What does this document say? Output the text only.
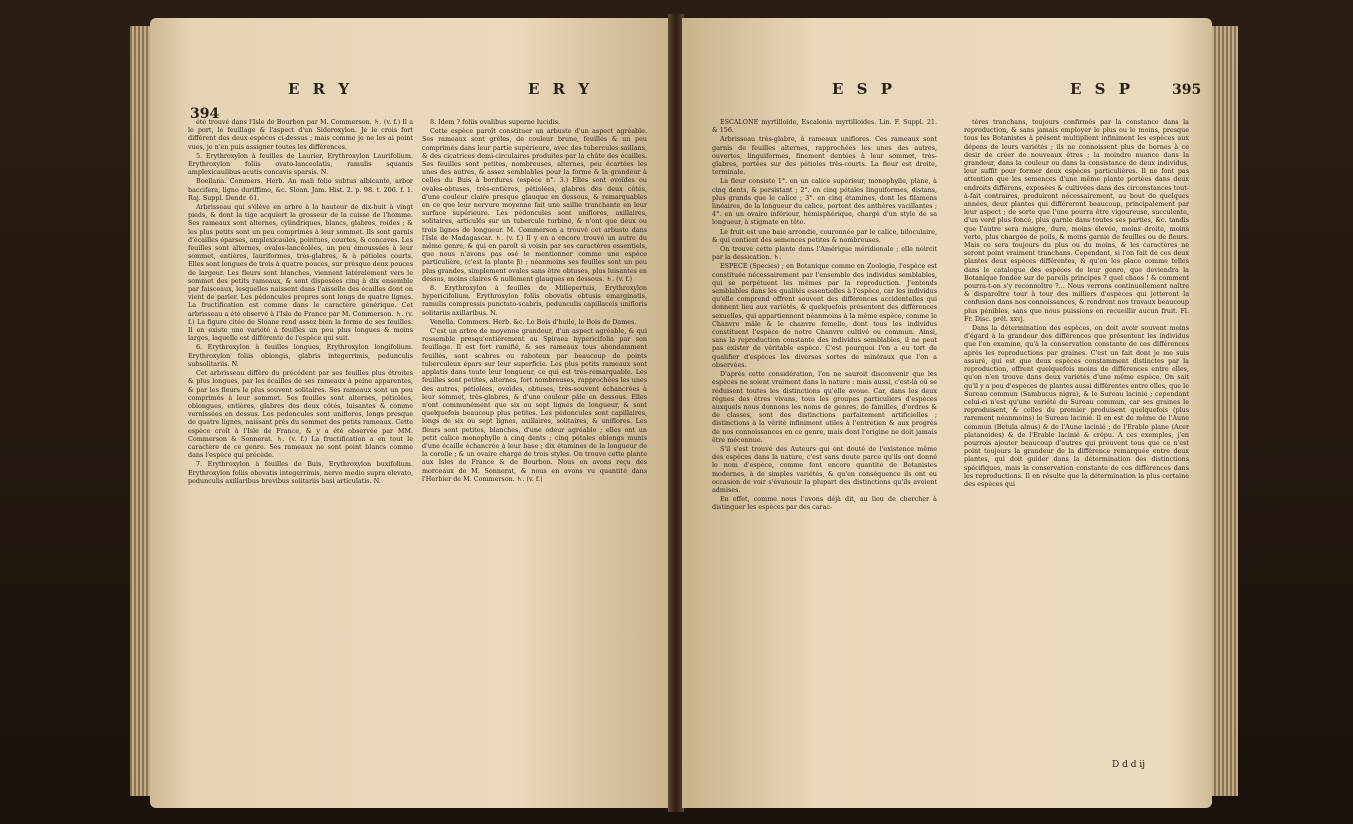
394
E R Y	E R Y

été trouvé dans l'Isle de Bourbon par M. Commerson. ♄. (v. f.) Il a le port, le feuillage & l'aspect d'un Sideroxylon. Je le crois fort différent des deux espèces ci-dessus ; mais comme je ne les ai point vues, je n'en puis assigner toutes les différences.

5. Erythroxylon à feuilles de Laurier, Erythroxylon Laurifolium. Erythroxylon foliis ovato-lanceolatis, ramulis squamis amplexicaulibus acutis concavis sparsis. N.

Boellana. Commers. Herb. An mali folio subtus albicante, arbor baccifera, ligno duriffimo, &c. Sloan. Jam. Hist. 2. p. 98. t. 206. f. 1. Raj. Suppl. Dendr. 61.

Arbrisseau qui s'élève en arbre à la hauteur de dix-huit à vingt pieds, & dont la tige acquiert la grosseur de la cuisse de l'homme. Ses rameaux sont alternes, cylindriques, blancs, glabres, roides ; & les plus petits sont un peu comprimés à leur sommet. Ils sont garnis d'écailles éparses, amplexicaules, pointues, courtes, & concaves. Les feuilles sont alternes, ovales-lancéolées, un peu émoussées à leur sommet, entières, lauriformes, très-glabres, & à pétioles courts. Elles sont longues de trois à quatre pouces, sur presque deux pouces de largeur. Les fleurs sont blanches, viennent latéralement vers le sommet des petits rameaux, & sont disposées cinq à dix ensemble par faisceaux, lesquelles naissent dans l'aisselle des écailles dont on vient de parler. Les pédoncules propres sont longs de quatre lignes. La fructification est comme dans le caractère générique. Cet arbrisseau a été observé à l'Isle de France par M. Commerson. ♄. (v. f.) La figure citée de Sloane rend assez bien la forme de ses feuilles. Il en existe une variété à feuilles un peu plus longues & moins larges, laquelle est différente de l'espèce qui suit.

6. Erythroxylon à feuilles longues, Erythroxylon longifolium. Erythroxylon foliis oblongis, glabris integerrimis, pedunculis subsolitariis. N.

Cet arbrisseau diffère du précédent par ses feuilles plus étroites & plus longues, par les écailles de ses rameaux à peine apparentes, & par les fleurs le plus souvent solitaires. Ses rameaux sont un peu comprimés à leur sommet. Ses feuilles sont alternes, pétiolées, oblongues, entières, glabres des deux côtés, luisantes & comme vernissées en dessus. Les pédoncules sont uniflores, longs presque de quatre lignes, naissant près du sommet des petits rameaux. Cette espèce croît à l'Isle de France, & y a été observée par MM. Commerson & Sonnerat. ♄. (v. f.) La fructification a en tout le caractère de ce genre. Ses rameaux ne sont point blancs comme dans l'espèce qui précède.

7. Erythroxylon à feuilles de Buis, Erythroxylon buxifolium. Erythroxylon foliis obovatis integerrimis, nervo medio supra elevato, pedunculis axillaribus brevibus solitariis basi articulatis. N.

8. Idem ? foliis ovalibus superne lucidis.

Cette espèce paroît constituer un arbuste d'un aspect agréable. Ses rameaux sont grêles, de couleur brune, feuillés & un peu comprimés dans leur partie supérieure, avec des tubercules saillans, & des cicatrices demi-circulaires produites par la chûte des écailles. Ses feuilles sont petites, nombreuses, alternes, peu écartées les unes des autres, & assez semblables pour la forme & la grandeur à celles du Buis à bordures (espèce n°. 3.) Elles sont ovoïdes ou ovales-obtuses, très-entières, pétiolées, glabres des deux côtés, d'une couleur claire presque glauque en dessous, & remarquables en ce que leur nervure moyenne fait une saillie tranchante en leur surface supérieure. Les pédoncules sont uniflores, axillaires, solitaires, articulés sur un tubercule turbiné, & n'ont que deux ou trois lignes de longueur. M. Commerson a trouvé cet arbuste dans l'Isle de Madagascar. ♄. (v. f.) Il y en a encore trouvé un autre du même genre, & qui en paroît si voisin par ses caractères essentiels, que nous n'avons pas osé le mentionner comme une espèce particulière, (c'est la plante β) ; néanmoins ses feuilles sont un peu plus grandes, simplement ovales sans être obtuses, plus luisantes en dessus, moins claires & nullement glauques en dessous. ♄. (v. f.)

8. Erythroxylon à feuilles de Millepertuis, Erythroxylon hypericifolium. Erythroxylon foliis obovatis obtusis emarginatis, ramulis compressis punctato-scabris, pedunculis capillaceis unifloris solitariis axillaribus. N.

Venella. Commers. Herb. &c. Le Bois d'huile, le Bois de Dames.

C'est un arbre de moyenne grandeur, d'un aspect agréable, & qui ressemble presqu'entièrement au Spiraea hypericifolia par son feuillage. Il est fort ramifié, & ses rameaux tous abondamment feuillés, sont scabres ou raboteux par beaucoup de points tuberculeux épars sur leur superficie. Les plus petits rameaux sont applatis dans toute leur longueur, ce qui est très-remarquable. Les feuilles sont petites, alternes, fort nombreuses, rapprochées les unes des autres, pétiolées, ovoïdes, obtuses, très-souvent échancrées à leur sommet, très-glabres, & d'une couleur pâle en dessous. Elles n'ont communément que six ou sept lignes de longueur, & sont quelquefois beaucoup plus petites. Les pédoncules sont capillaires, longs de six ou sept lignes, axillaires, solitaires, & uniflores. Les fleurs sont petites, blanches, d'une odeur agréable ; elles ont un petit calice monophylle à cinq dents ; cinq pétales oblongs munis d'une écaille échancrée à leur base ; dix étamines de la longueur de la corolle ; & un ovaire chargé de trois styles. On trouve cette plante aux Isles de France & de Bourbon. Nous en avons reçu des morceaux de M. Sonnerat, & nous en avons vu quantité dans l'Herbier de M. Commerson. ♄. (v. f.)

E S P	E S P	395

ESCALONE myrtilloïde, Escalonia myrtilloides. Lin. F. Suppl. 21. & 156.

Arbrisseau très-glabre, à rameaux uniflores. Ces rameaux sont garnis de feuilles alternes, rapprochées les unes des autres, ouvertes, linguiformes, finement dentées à leur sommet, très-glabres, portées sur des pétioles très-courts. La fleur est droite, terminale.

La fleur consiste 1°. en un calice supérieur, monophylle, plane, à cinq dents, & persistant ; 2°. en cinq pétales linguiformes, distans, plus grands que le calice ; 3°. en cinq étamines, dont les filamens linéaires, de la longueur du calice, portent des anthères vacillantes ; 4°. en un ovaire inférieur, hémisphérique, chargé d'un style de sa longueur, à stigmate en tête.

Le fruit est une baie arrondie, couronnée par le calice, biloculaire, & qui contient des semences petites & nombreuses.

On trouve cette plante dans l'Amérique méridionale ; elle noircit par la dessication. ♄.

ESPECE (Species) ; en Botanique comme en Zoologie, l'espèce est constituée nécessairement par l'ensemble des individus semblables, qui se perpétuent les mêmes par la reproduction. J'entends semblables dans les qualités essentielles à l'espèce, car les individus qu'elle comprend offrent souvent des différences accidentelles qui donnent lieu aux variétés, & quelquefois présentent des différences sexuelles, qui appartiennent néanmoins à la même espèce, comme le Chanvre mâle & le chanvre femelle, dont tous les individus constituent l'espèce de notre Chanvre cultivé ou commun. Ainsi, sans la reproduction constante des individus semblables, il ne peut pas exister de véritable espèce. C'est pourquoi l'on a eu tort de qualifier d'espèces les diverses sortes de minéraux que l'on a observées.

D'après cette considération, l'on ne sauroit disconvenir que les espèces ne soient vraiment dans la nature : mais aussi, c'est-là où se réduisent toutes les distinctions qu'elle avoue. Car, dans les deux règnes des êtres vivans, tous les groupes particuliers d'espèces auxquels nous donnons les noms de genres, de familles, d'ordres & de classes, sont des distinctions parfaitement artificielles ; distinctions à la vérité infiniment utiles à l'entretien & aux progrès de nos connoissances en ce genre, mais dont l'origine ne doit jamais être méconnue.

S'il s'est trouvé des Auteurs qui ont douté de l'existence même des espèces dans la nature, c'est sans doute parce qu'ils ont donné le nom d'espèce, comme font encore quantité de Botanistes modernes, à de simples variétés, & qu'en conséquence ils ont eu occasion de voir s'évanouir la plupart des distinctions qu'ils avoient admises.

En effet, comme nous l'avons déjà dit, au lieu de chercher à distinguer les espèces par des carac-

tères tranchans, toujours confirmés par la constance dans la reproduction, & sans jamais employer le plus ou le moins, presque tous les Botanistes à présent multiplient infiniment les espèces aux dépens de leurs variétés ; ils ne connoissent plus de bornes à ce desir de créer de nouveaux êtres ; la moindre nuance dans la grandeur, dans la couleur ou dans la consistance de deux individus, leur suffit pour former deux espèces particulières. Il ne font pas attention que les semences d'une même plante portées dans deux endroits différens, exposées & cultivées dans des circonstances tout-à-fait contraires, produiront nécessairement, au bout de quelques années, deux plantes qui différeront beaucoup, principalement par leur aspect ; de sorte que l'une pourra être vigoureuse, succulente, d'un verd plus foncé, plus garnie dans toutes ses parties, &c. tandis que l'autre sera maigre, dure, moins élevée, moins droite, moins verte, plus chargée de poils, & moins garnie de feuilles ou de fleurs. Mais ce sera toujours du plus ou du moins, & les caractères ne seront point vraiment tranchans. Cependant, si l'on fait de ces deux plantes deux espèces différentes, & qu'on les place comme telles dans le catalogue des espèces de leur genre, que deviendra la Botanique fondée sur de pareils principes ? quel chaos ! & comment pourra-t-on s'y reconnoître ?... Nous verrons continuellement naître & disparoître tour à tour des milliers d'espèces qui jetteront la confusion dans nos connoissances, & rendront nos travaux beaucoup plus pénibles, sans que nous puissions en recueillir aucun fruit. Fl. Fr. Disc. prél. xxvj.

Dans la détermination des espèces, on doit avoir souvent moins d'égard à la grandeur des différences que présentent les individus que l'on examine, qu'à la conservation constante de ces différences après les reproductions par graines. C'est un fait dont je me suis assuré, qui est que deux espèces constamment distinctes par la reproduction, offrent quelquefois moins de différences entre elles, qu'on n'en trouve dans deux variétés d'une même espèce. On sait qu'il y a peu d'espèces de plantes aussi différentes entre elles, que le Sureau commun (Sambucus nigra), & le Sureau lacinié ; cependant celui-ci n'est qu'une variété du Sureau commun, car ses graines le reproduisent, & celles du premier produisent quelquefois (plus rarement néanmoins) le Sureau lacinié. Il en est de même de l'Aune commun (Betula alnus) & de l'Aune lacinié ; de l'Erable plane (Acer platanoides) & de l'Erable lacinié & crêpu. A ces exemples, j'en pourrois ajouter beaucoup d'autres qui prouvent tous que ce n'est point toujours la grandeur de la différence remarquée entre deux plantes, qui doit guider dans la détermination des distinctions spécifiques, mais la conservation constante de ces différences dans les reproductions. Il en résulte que la détermination la plus certaine des espèces qui

D d d ij
